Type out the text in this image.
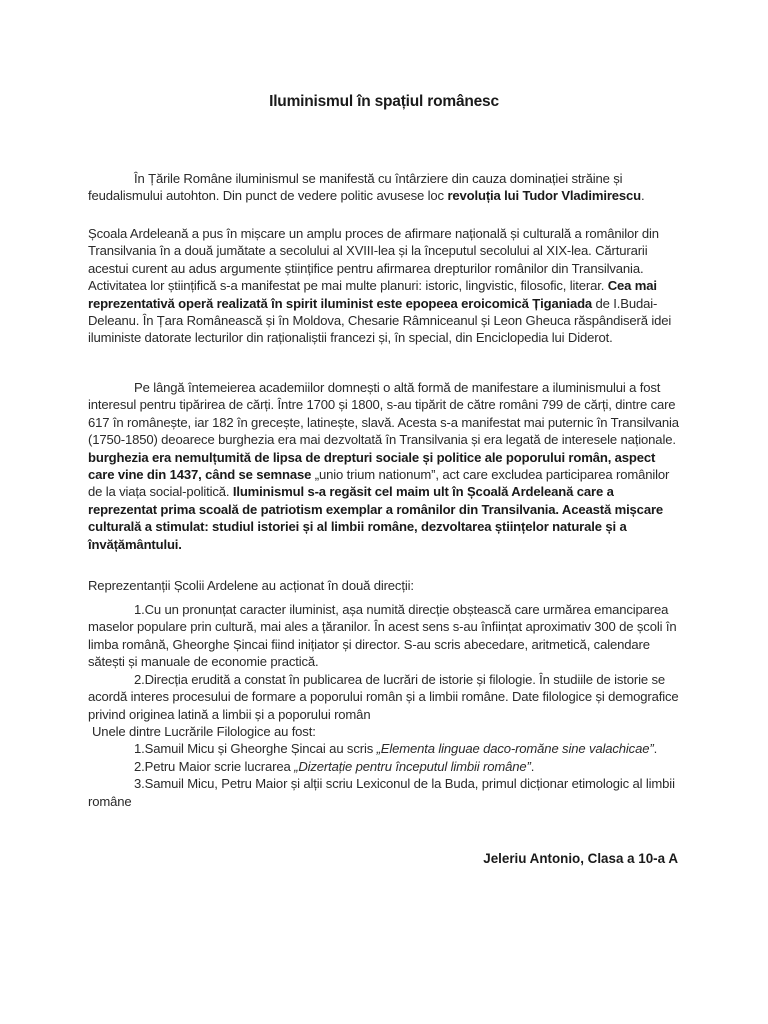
Iluminismul în spațiul românesc

În Țările Române iluminismul se manifestă cu întârziere din cauza dominației străine și feudalismului autohton. Din punct de vedere politic avusese loc revoluția lui Tudor Vladimirescu.

Școala Ardeleană a pus în mișcare un amplu proces de afirmare națională și culturală a românilor din Transilvania în a două jumătate a secolului al XVIII-lea și la începutul secolului al XIX-lea. Cărturarii acestui curent au adus argumente științifice pentru afirmarea drepturilor românilor din Transilvania. Activitatea lor științifică s-a manifestat pe mai multe planuri: istoric, lingvistic, filosofic, literar. Cea mai reprezentativă operă realizată în spirit iluminist este epopeea eroicomică Țiganiada de I.Budai-Deleanu. În Țara Românească și în Moldova, Chesarie Râmniceanul și Leon Gheuca răspândiseră idei iluministe datorate lecturilor din raționaliștii francezi și, în special, din Enciclopedia lui Diderot.

Pe lângă întemeierea academiilor domnești o altă formă de manifestare a iluminismului a fost interesul pentru tipărirea de cărți. Între 1700 și 1800, s-au tipărit de către români 799 de cărți, dintre care 617 în românește, iar 182 în grecește, latinește, slavă. Acesta s-a manifestat mai puternic în Transilvania (1750-1850) deoarece burghezia era mai dezvoltată în Transilvania și era legată de interesele naționale. burghezia era nemulțumită de lipsa de drepturi sociale și politice ale poporului român, aspect care vine din 1437, când se semnase „unio trium nationum”, act care excludea participarea românilor de la viața social-politică. Iluminismul s-a regăsit cel maim ult în Școală Ardeleană care a reprezentat prima scoală de patriotism exemplar a românilor din Transilvania. Această mișcare culturală a stimulat: studiul istoriei și al limbii române, dezvoltarea științelor naturale și a învățământului.

Reprezentanții Școlii Ardelene au acționat în două direcții:

1.Cu un pronunțat caracter iluminist, așa numită direcție obștească care urmărea emanciparea maselor populare prin cultură, mai ales a țăranilor. În acest sens s-au înființat aproximativ 300 de școli în limba română, Gheorghe Șincai fiind inițiator și director. S-au scris abecedare, aritmetică, calendare sătești și manuale de economie practică.

2.Direcția erudită a constat în publicarea de lucrări de istorie și filologie. În studiile de istorie se acordă interes procesului de formare a poporului român și a limbii române. Date filologice și demografice privind originea latină a limbii și a poporului român

Unele dintre Lucrările Filologice au fost:

1.Samuil Micu și Gheorghe Șincai au scris „Elementa linguae daco-romăne sine valachicae”.

2.Petru Maior scrie lucrarea „Dizertație pentru începutul limbii române”.

3.Samuil Micu, Petru Maior și alții scriu Lexiconul de la Buda, primul dicționar etimologic al limbii române

Jeleriu Antonio, Clasa a 10-a A
